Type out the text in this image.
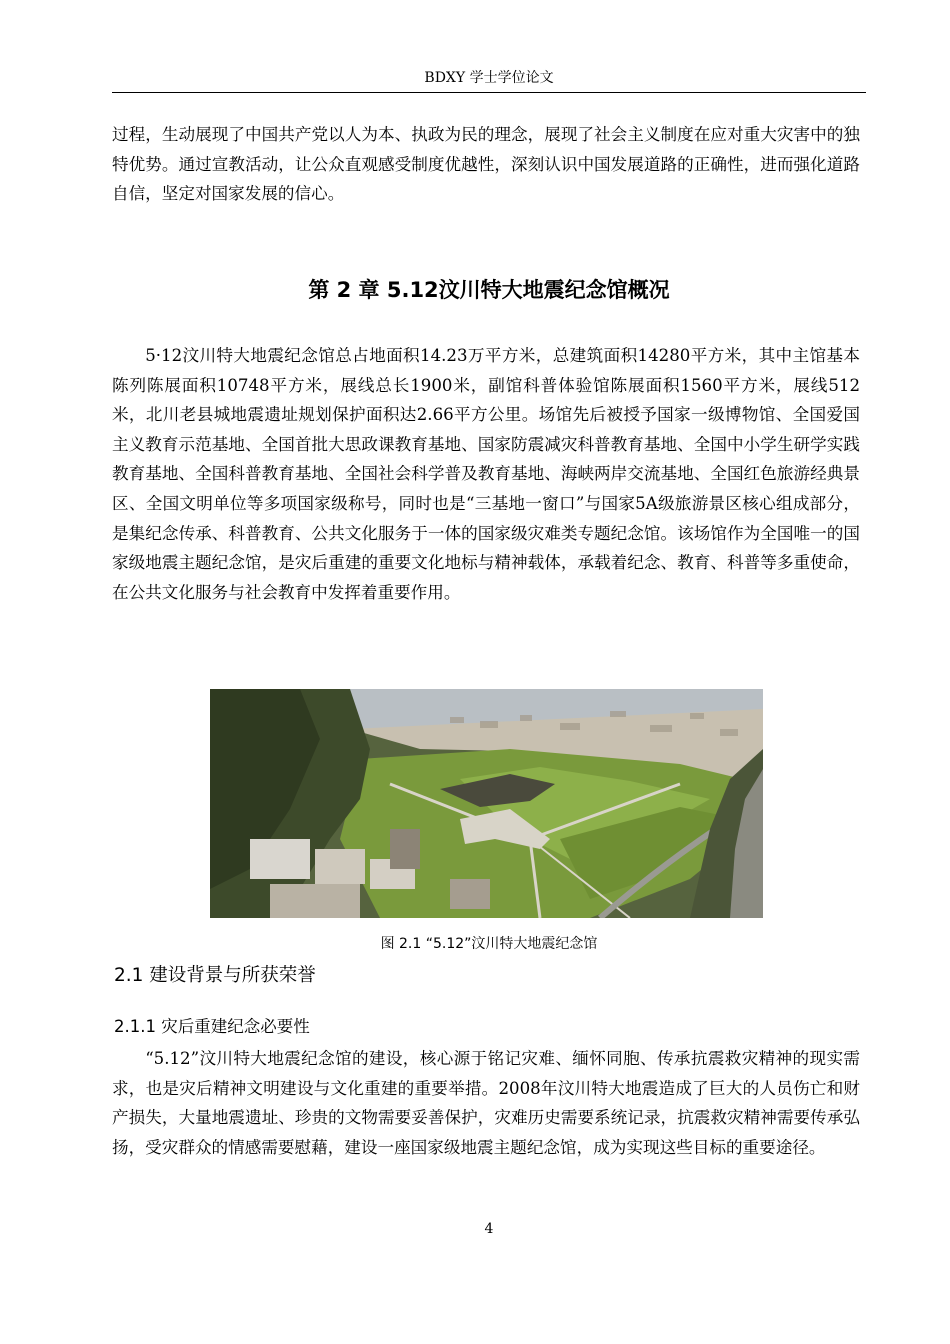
BDXY 学士学位论文

过程，生动展现了中国共产党以人为本、执政为民的理念，展现了社会主义制度在应对重大灾害中的独特优势。通过宣教活动，让公众直观感受制度优越性，深刻认识中国发展道路的正确性，进而强化道路自信，坚定对国家发展的信心。

第 2 章 5.12汶川特大地震纪念馆概况

5·12汶川特大地震纪念馆总占地面积14.23万平方米，总建筑面积14280平方米，其中主馆基本陈列陈展面积10748平方米，展线总长1900米，副馆科普体验馆陈展面积1560平方米，展线512米，北川老县城地震遗址规划保护面积达2.66平方公里。场馆先后被授予国家一级博物馆、全国爱国主义教育示范基地、全国首批大思政课教育基地、国家防震减灾科普教育基地、全国中小学生研学实践教育基地、全国科普教育基地、全国社会科学普及教育基地、海峡两岸交流基地、全国红色旅游经典景区、全国文明单位等多项国家级称号，同时也是“三基地一窗口”与国家5A级旅游景区核心组成部分，是集纪念传承、科普教育、公共文化服务于一体的国家级灾难类专题纪念馆。该场馆作为全国唯一的国家级地震主题纪念馆，是灾后重建的重要文化地标与精神载体，承载着纪念、教育、科普等多重使命，在公共文化服务与社会教育中发挥着重要作用。

图 2.1 “5.12”汶川特大地震纪念馆

2.1 建设背景与所获荣誉
2.1.1 灾后重建纪念必要性

“5.12”汶川特大地震纪念馆的建设，核心源于铭记灾难、缅怀同胞、传承抗震救灾精神的现实需求，也是灾后精神文明建设与文化重建的重要举措。2008年汶川特大地震造成了巨大的人员伤亡和财产损失，大量地震遗址、珍贵的文物需要妥善保护，灾难历史需要系统记录，抗震救灾精神需要传承弘扬，受灾群众的情感需要慰藉，建设一座国家级地震主题纪念馆，成为实现这些目标的重要途径。

4
